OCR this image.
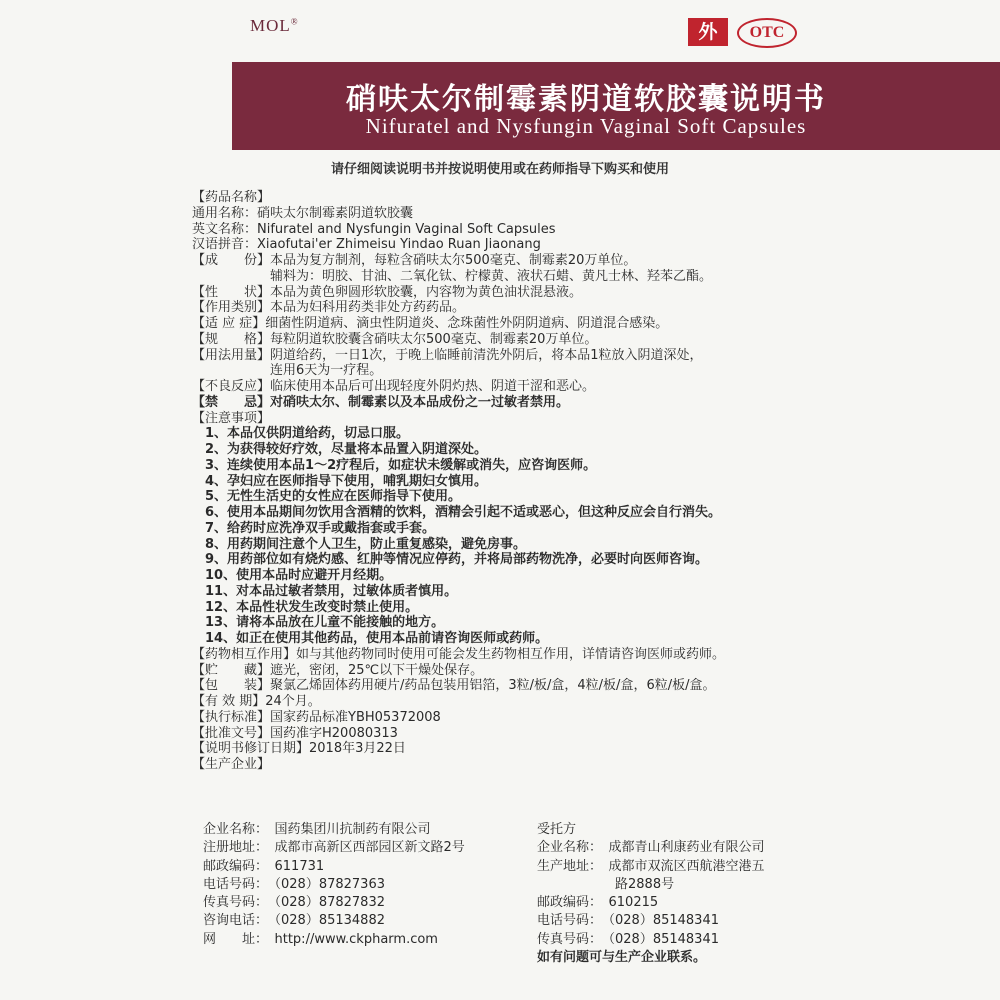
MOL®	外	OTC
硝呋太尔制霉素阴道软胶囊说明书
Nifuratel and Nysfungin Vaginal Soft Capsules
请仔细阅读说明书并按说明使用或在药师指导下购买和使用
【药品名称】
通用名称：硝呋太尔制霉素阴道软胶囊
英文名称：Nifuratel and Nysfungin Vaginal Soft Capsules
汉语拼音：Xiaofutai'er Zhimeisu Yindao Ruan Jiaonang
【成　　份】本品为复方制剂，每粒含硝呋太尔500毫克、制霉素20万单位。
　　　　　　辅料为：明胶、甘油、二氧化钛、柠檬黄、液状石蜡、黄凡士林、羟苯乙酯。
【性　　状】本品为黄色卵圆形软胶囊，内容物为黄色油状混悬液。
【作用类别】本品为妇科用药类非处方药药品。
【适 应 症】细菌性阴道病、滴虫性阴道炎、念珠菌性外阴阴道病、阴道混合感染。
【规　　格】每粒阴道软胶囊含硝呋太尔500毫克、制霉素20万单位。
【用法用量】阴道给药，一日1次，于晚上临睡前清洗外阴后，将本品1粒放入阴道深处，
　　　　　　连用6天为一疗程。
【不良反应】临床使用本品后可出现轻度外阴灼热、阴道干涩和恶心。
【禁　　忌】对硝呋太尔、制霉素以及本品成份之一过敏者禁用。
【注意事项】
　1、本品仅供阴道给药，切忌口服。
　2、为获得较好疗效，尽量将本品置入阴道深处。
　3、连续使用本品1～2疗程后，如症状未缓解或消失，应咨询医师。
　4、孕妇应在医师指导下使用，哺乳期妇女慎用。
　5、无性生活史的女性应在医师指导下使用。
　6、使用本品期间勿饮用含酒精的饮料，酒精会引起不适或恶心，但这种反应会自行消失。
　7、给药时应洗净双手或戴指套或手套。
　8、用药期间注意个人卫生，防止重复感染，避免房事。
　9、用药部位如有烧灼感、红肿等情况应停药，并将局部药物洗净，必要时向医师咨询。
　10、使用本品时应避开月经期。
　11、对本品过敏者禁用，过敏体质者慎用。
　12、本品性状发生改变时禁止使用。
　13、请将本品放在儿童不能接触的地方。
　14、如正在使用其他药品，使用本品前请咨询医师或药师。
【药物相互作用】如与其他药物同时使用可能会发生药物相互作用，详情请咨询医师或药师。
【贮　　藏】遮光，密闭，25℃以下干燥处保存。
【包　　装】聚氯乙烯固体药用硬片/药品包装用铝箔，3粒/板/盒，4粒/板/盒，6粒/板/盒。
【有 效 期】24个月。
【执行标准】国家药品标准YBH05372008
【批准文号】国药准字H20080313
【说明书修订日期】2018年3月22日
【生产企业】
企业名称：　国药集团川抗制药有限公司
注册地址：　成都市高新区西部园区新文路2号
邮政编码：　611731
电话号码：　（028）87827363
传真号码：　（028）87827832
咨询电话：　（028）85134882
网　　址：　http://www.ckpharm.com
受托方
企业名称：　成都青山利康药业有限公司
生产地址：　成都市双流区西航港空港五
　　　　　　路2888号
邮政编码：　610215
电话号码：　（028）85148341
传真号码：　（028）85148341
如有问题可与生产企业联系。
